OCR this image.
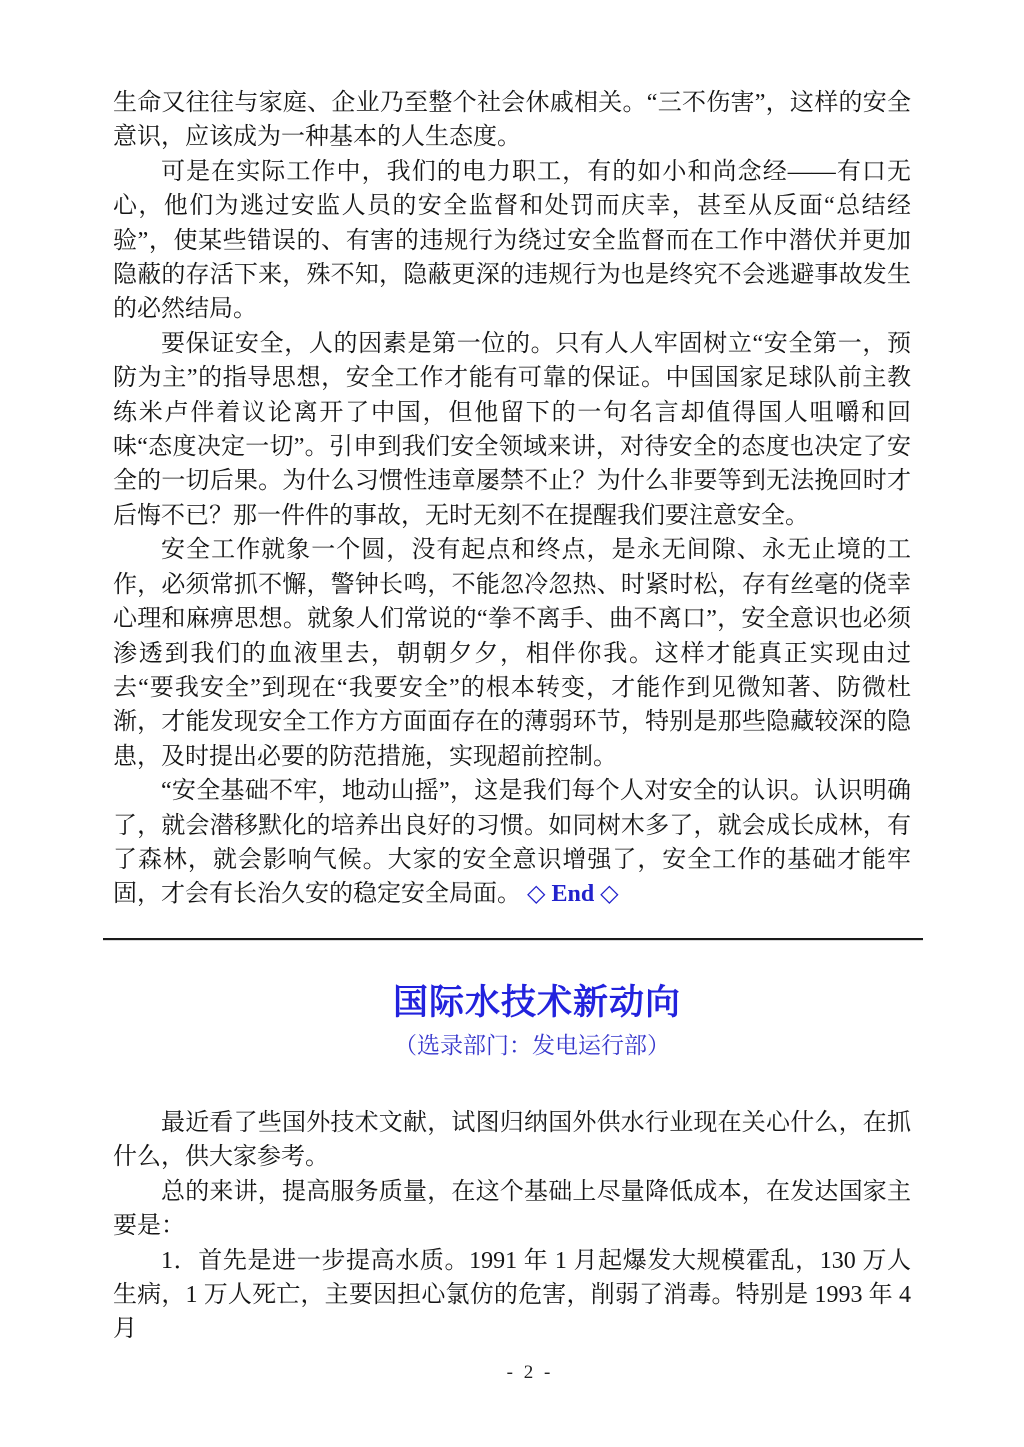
生命又往往与家庭、企业乃至整个社会休戚相关。“三不伤害”，这样的安全意识，应该成为一种基本的人生态度。

可是在实际工作中，我们的电力职工，有的如小和尚念经——有口无心，他们为逃过安监人员的安全监督和处罚而庆幸，甚至从反面“总结经验”，使某些错误的、有害的违规行为绕过安全监督而在工作中潜伏并更加隐蔽的存活下来，殊不知，隐蔽更深的违规行为也是终究不会逃避事故发生的必然结局。

要保证安全，人的因素是第一位的。只有人人牢固树立“安全第一，预防为主”的指导思想，安全工作才能有可靠的保证。中国国家足球队前主教练米卢伴着议论离开了中国，但他留下的一句名言却值得国人咀嚼和回味“态度决定一切”。引申到我们安全领域来讲，对待安全的态度也决定了安全的一切后果。为什么习惯性违章屡禁不止？为什么非要等到无法挽回时才后悔不已？那一件件的事故，无时无刻不在提醒我们要注意安全。

安全工作就象一个圆，没有起点和终点，是永无间隙、永无止境的工作，必须常抓不懈，警钟长鸣，不能忽冷忽热、时紧时松，存有丝毫的侥幸心理和麻痹思想。就象人们常说的“拳不离手、曲不离口”，安全意识也必须渗透到我们的血液里去，朝朝夕夕，相伴你我。这样才能真正实现由过去“要我安全”到现在“我要安全”的根本转变，才能作到见微知著、防微杜渐，才能发现安全工作方方面面存在的薄弱环节，特别是那些隐藏较深的隐患，及时提出必要的防范措施，实现超前控制。

“安全基础不牢，地动山摇”，这是我们每个人对安全的认识。认识明确了，就会潜移默化的培养出良好的习惯。如同树木多了，就会成长成林，有了森林，就会影响气候。大家的安全意识增强了，安全工作的基础才能牢固，才会有长治久安的稳定安全局面。 ◇ End ◇

国际水技术新动向
（选录部门：发电运行部）

最近看了些国外技术文献，试图归纳国外供水行业现在关心什么，在抓什么，供大家参考。

总的来讲，提高服务质量，在这个基础上尽量降低成本，在发达国家主要是：

1．首先是进一步提高水质。1991 年 1 月起爆发大规模霍乱，130 万人生病，1 万人死亡，主要因担心氯仿的危害，削弱了消毒。特别是 1993 年 4 月

- 2 -
